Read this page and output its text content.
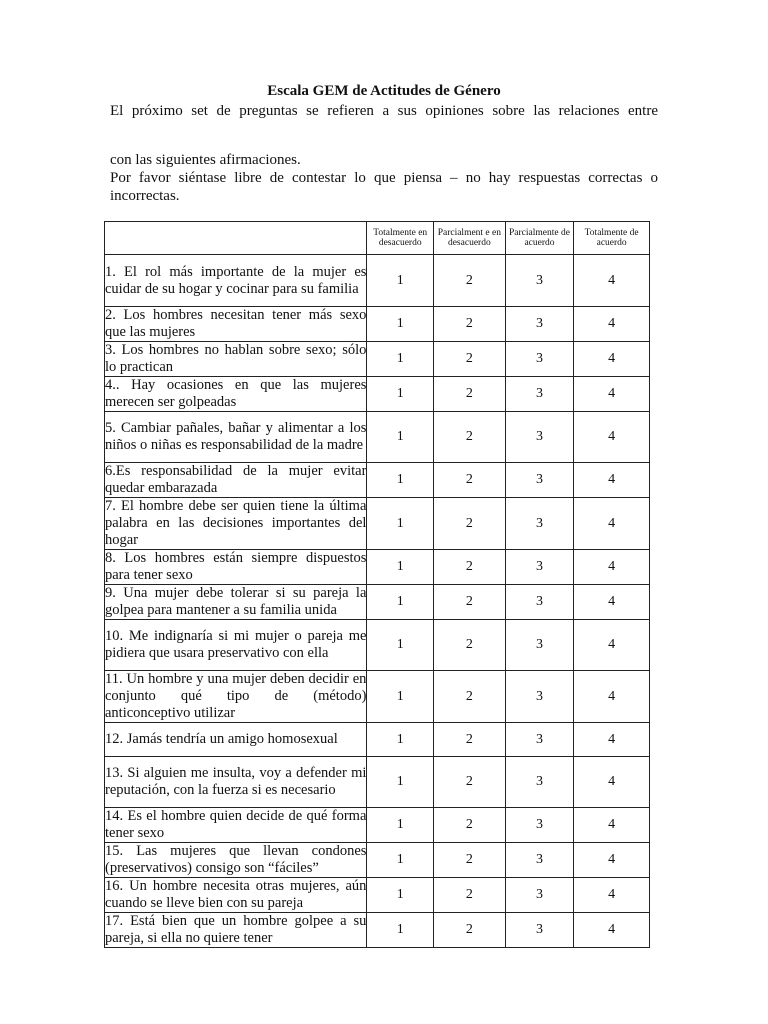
Escala GEM de Actitudes de Género
El próximo set de preguntas se refieren a sus opiniones sobre las relaciones entre
con las siguientes afirmaciones.
Por favor siéntase libre de contestar lo que piensa – no hay respuestas correctas o incorrectas.
	Totalmente en desacuerdo	Parcialment e en desacuerdo	Parcialmente de acuerdo	Totalmente de acuerdo
1. El rol más importante de la mujer es cuidar de su hogar y cocinar para su familia	1	2	3	4
2. Los hombres necesitan tener más sexo que las mujeres	1	2	3	4
3. Los hombres no hablan sobre sexo; sólo lo practican	1	2	3	4
4.. Hay ocasiones en que las mujeres merecen ser golpeadas	1	2	3	4
5. Cambiar pañales, bañar y alimentar a los niños o niñas es responsabilidad de la madre	1	2	3	4
6.Es responsabilidad de la mujer evitar quedar embarazada	1	2	3	4
7. El hombre debe ser quien tiene la última palabra en las decisiones importantes del hogar	1	2	3	4
8. Los hombres están siempre dispuestos para tener sexo	1	2	3	4
9. Una mujer debe tolerar si su pareja la golpea para mantener a su familia unida	1	2	3	4
10. Me indignaría si mi mujer o pareja me pidiera que usara preservativo con ella	1	2	3	4
11. Un hombre y una mujer deben decidir en conjunto qué tipo de (método) anticonceptivo utilizar	1	2	3	4
12. Jamás tendría un amigo homosexual	1	2	3	4
13. Si alguien me insulta, voy a defender mi reputación, con la fuerza si es necesario	1	2	3	4
14. Es el hombre quien decide de qué forma tener sexo	1	2	3	4
15. Las mujeres que llevan condones (preservativos) consigo son “fáciles”	1	2	3	4
16. Un hombre necesita otras mujeres, aún cuando se lleve bien con su pareja	1	2	3	4
17. Está bien que un hombre golpee a su pareja, si ella no quiere tener	1	2	3	4
